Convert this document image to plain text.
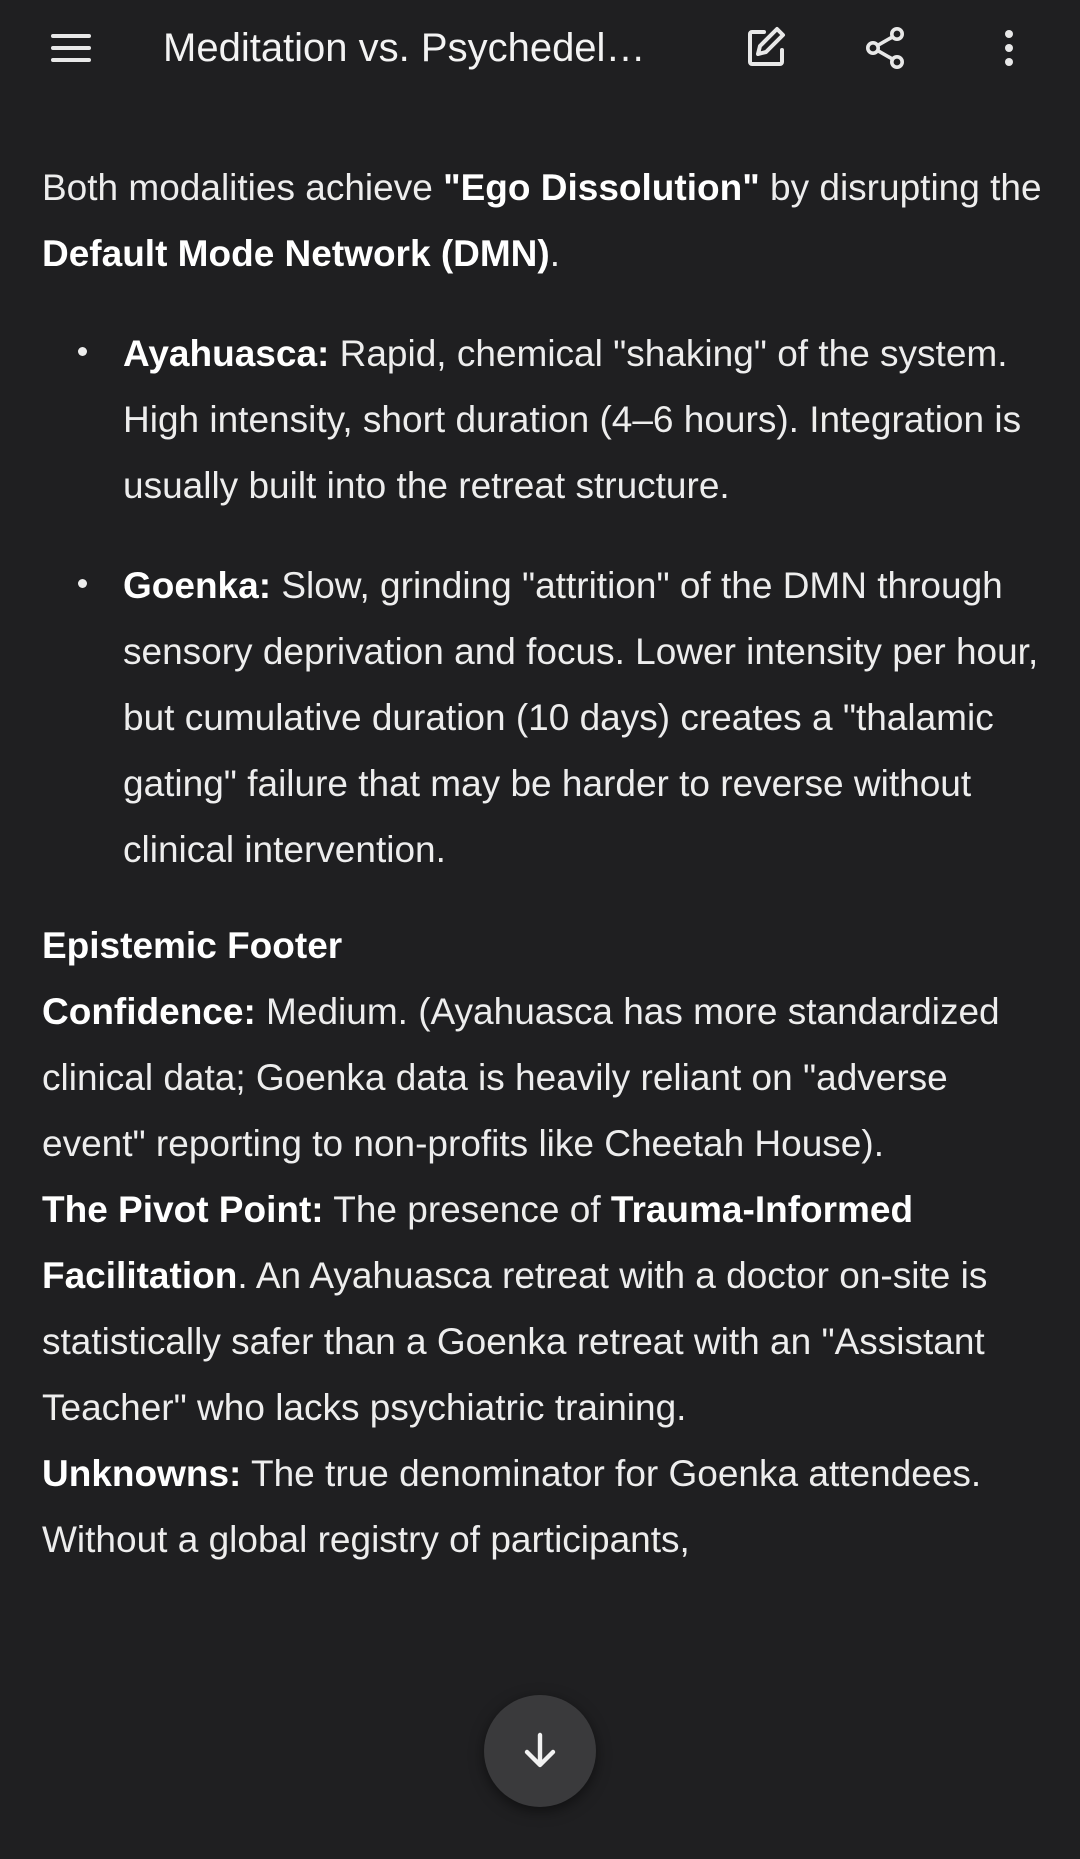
Meditation vs. Psychedel…

Both modalities achieve "Ego Dissolution" by disrupting the Default Mode Network (DMN).

Ayahuasca: Rapid, chemical "shaking" of the system. High intensity, short duration (4–6 hours). Integration is usually built into the retreat structure.
Goenka: Slow, grinding "attrition" of the DMN through sensory deprivation and focus. Lower intensity per hour, but cumulative duration (10 days) creates a "thalamic gating" failure that may be harder to reverse without clinical intervention.
Epistemic Footer
Confidence: Medium. (Ayahuasca has more standardized clinical data; Goenka data is heavily reliant on "adverse event" reporting to non-profits like Cheetah House).
The Pivot Point: The presence of Trauma-Informed Facilitation. An Ayahuasca retreat with a doctor on-site is statistically safer than a Goenka retreat with an "Assistant Teacher" who lacks psychiatric training.
Unknowns: The true denominator for Goenka attendees. Without a global registry of participants,
